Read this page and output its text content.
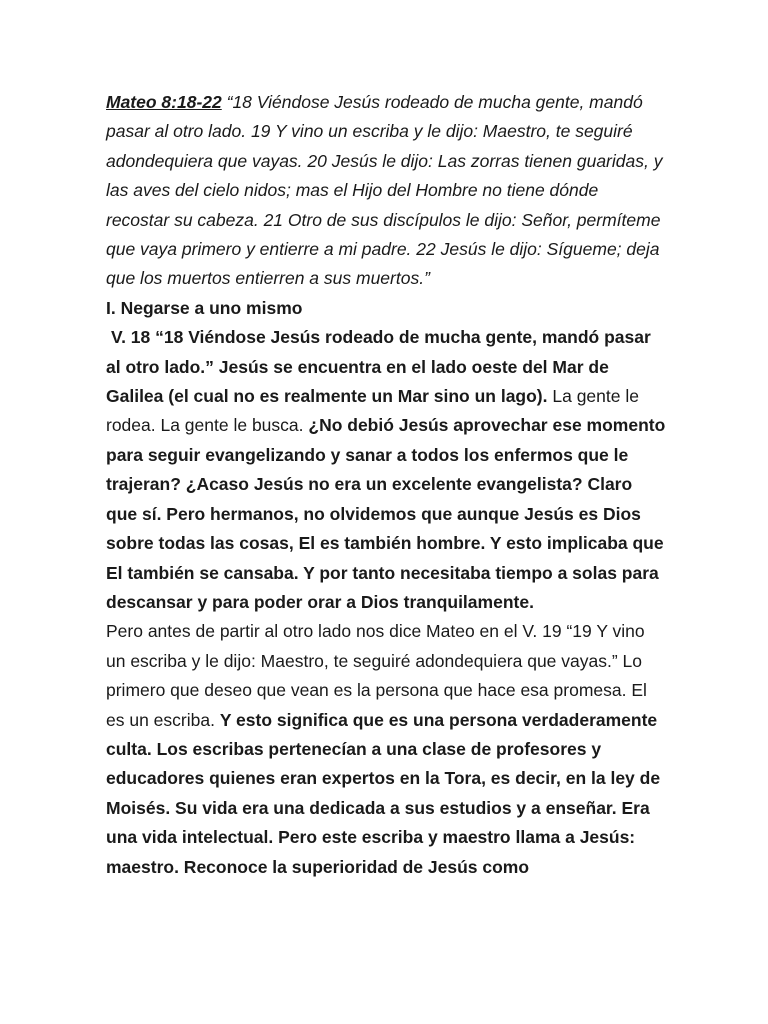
Mateo 8:18-22 “18 Viéndose Jesús rodeado de mucha gente, mandó pasar al otro lado. 19 Y vino un escriba y le dijo: Maestro, te seguiré adondequiera que vayas. 20 Jesús le dijo: Las zorras tienen guaridas, y las aves del cielo nidos; mas el Hijo del Hombre no tiene dónde recostar su cabeza. 21 Otro de sus discípulos le dijo: Señor, permíteme que vaya primero y entierre a mi padre. 22 Jesús le dijo: Sígueme; deja que los muertos entierren a sus muertos.”

I. Negarse a uno mismo

V. 18 “18 Viéndose Jesús rodeado de mucha gente, mandó pasar al otro lado.” Jesús se encuentra en el lado oeste del Mar de Galilea (el cual no es realmente un Mar sino un lago). La gente le rodea. La gente le busca. ¿No debió Jesús aprovechar ese momento para seguir evangelizando y sanar a todos los enfermos que le trajeran? ¿Acaso Jesús no era un excelente evangelista? Claro que sí. Pero hermanos, no olvidemos que aunque Jesús es Dios sobre todas las cosas, El es también hombre. Y esto implicaba que El también se cansaba. Y por tanto necesitaba tiempo a solas para descansar y para poder orar a Dios tranquilamente.

Pero antes de partir al otro lado nos dice Mateo en el V. 19 “19 Y vino un escriba y le dijo: Maestro, te seguiré adondequiera que vayas.” Lo primero que deseo que vean es la persona que hace esa promesa. El es un escriba. Y esto significa que es una persona verdaderamente culta. Los escribas pertenecían a una clase de profesores y educadores quienes eran expertos en la Tora, es decir, en la ley de Moisés. Su vida era una dedicada a sus estudios y a enseñar. Era una vida intelectual. Pero este escriba y maestro llama a Jesús: maestro. Reconoce la superioridad de Jesús como
